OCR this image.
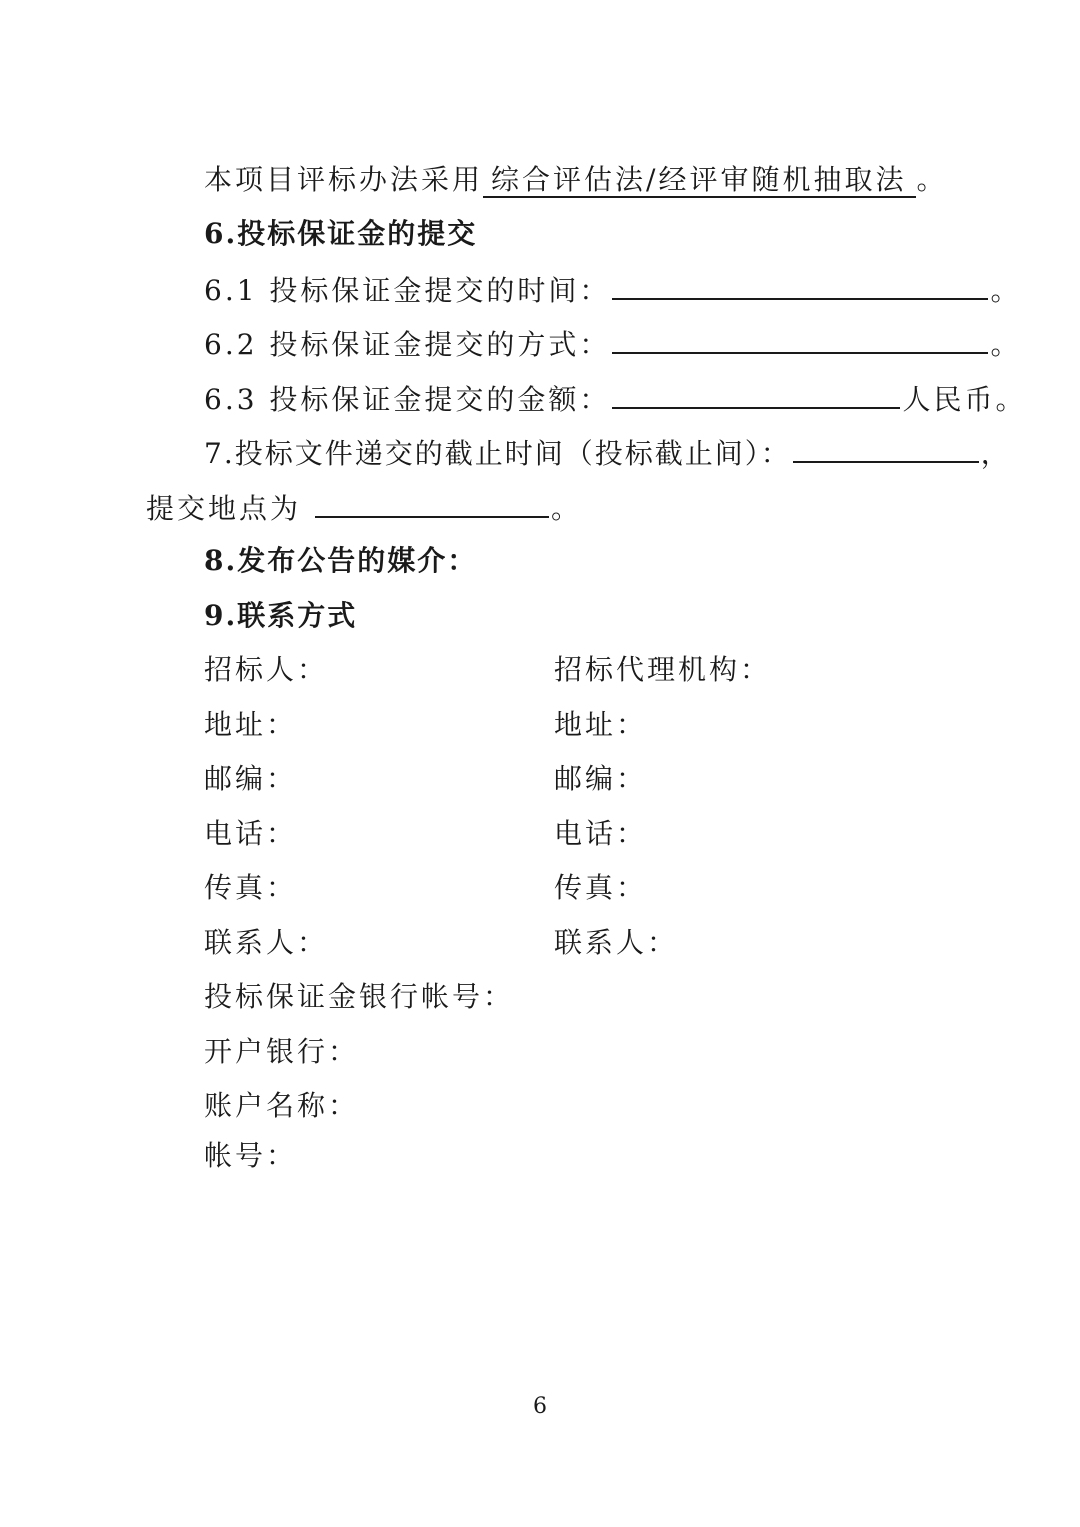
本项目评标办法采用 综合评估法/经评审随机抽取法 。
6.投标保证金的提交
6.1 投标保证金提交的时间：	。
6.2 投标保证金提交的方式：	。
6.3 投标保证金提交的金额：	人民币。
7.投标文件递交的截止时间（投标截止间）：	，
提交地点为	。
8.发布公告的媒介：
9.联系方式
招标人：	招标代理机构：
地址：	地址：
邮编：	邮编：
电话：	电话：
传真：	传真：
联系人：	联系人：
投标保证金银行帐号：
开户银行：
账户名称：
帐号：
6
